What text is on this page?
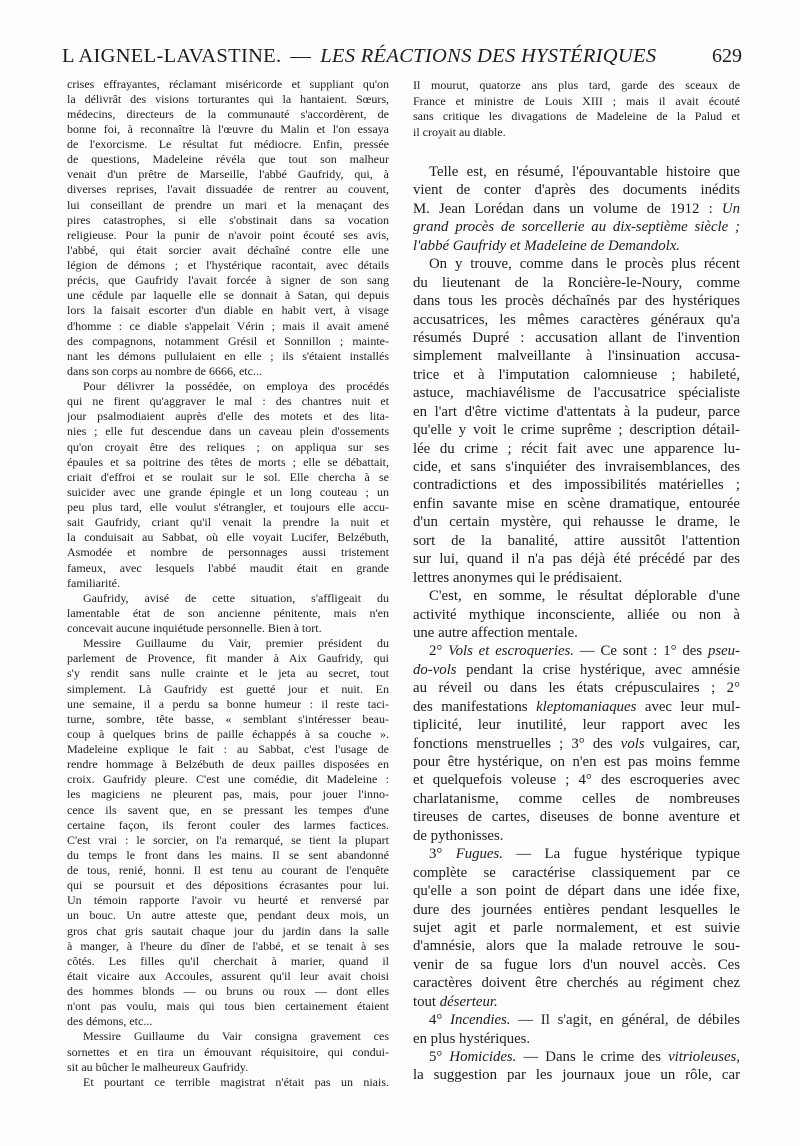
L AIGNEL-LAVASTINE. — LES RÉACTIONS DES HYSTÉRIQUES	629
crises effrayantes, réclamant miséricorde et suppliant qu'on
la délivrât des visions torturantes qui la hantaient. Sœurs,
médecins, directeurs de la communauté s'accordèrent, de
bonne foi, à reconnaître là l'œuvre du Malin et l'on essaya
de l'exorcisme. Le résultat fut médiocre. Enfin, pressée
de questions, Madeleine révéla que tout son malheur
venait d'un prêtre de Marseille, l'abbé Gaufridy, qui, à
diverses reprises, l'avait dissuadée de rentrer au couvent,
lui conseillant de prendre un mari et la menaçant des
pires catastrophes, si elle s'obstinait dans sa vocation
religieuse. Pour la punir de n'avoir point écouté ses avis,
l'abbé, qui était sorcier avait déchaîné contre elle une
légion de démons ; et l'hystérique racontait, avec détails
précis, que Gaufridy l'avait forcée à signer de son sang
une cédule par laquelle elle se donnait à Satan, qui depuis
lors la faisait escorter d'un diable en habit vert, à visage
d'homme : ce diable s'appelait Vérin ; mais il avait amené
des compagnons, notamment Grésil et Sonnillon ; mainte-
nant les démons pullulaient en elle ; ils s'étaient installés
dans son corps au nombre de 6666, etc...
Pour délivrer la possédée, on employa des procédés
qui ne firent qu'aggraver le mal : des chantres nuit et
jour psalmodiaient auprès d'elle des motets et des lita-
nies ; elle fut descendue dans un caveau plein d'ossements
qu'on croyait être des reliques ; on appliqua sur ses
épaules et sa poitrine des têtes de morts ; elle se débattait,
criait d'effroi et se roulait sur le sol. Elle chercha à se
suicider avec une grande épingle et un long couteau ; un
peu plus tard, elle voulut s'étrangler, et toujours elle accu-
sait Gaufridy, criant qu'il venait la prendre la nuit et
la conduisait au Sabbat, où elle voyait Lucifer, Belzébuth,
Asmodée et nombre de personnages aussi tristement
fameux, avec lesquels l'abbé maudit était en grande
familiarité.
Gaufridy, avisé de cette situation, s'affligeait du
lamentable état de son ancienne pénitente, mais n'en
concevait aucune inquiétude personnelle. Bien à tort.
Messire Guillaume du Vair, premier président du
parlement de Provence, fit mander à Aix Gaufridy, qui
s'y rendit sans nulle crainte et le jeta au secret, tout
simplement. Là Gaufridy est guetté jour et nuit. En
une semaine, il a perdu sa bonne humeur : il reste taci-
turne, sombre, tête basse, « semblant s'intéresser beau-
coup à quelques brins de paille échappés à sa couche ».
Madeleine explique le fait : au Sabbat, c'est l'usage de
rendre hommage à Belzébuth de deux pailles disposées en
croix. Gaufridy pleure. C'est une comédie, dit Madeleine :
les magiciens ne pleurent pas, mais, pour jouer l'inno-
cence ils savent que, en se pressant les tempes d'une
certaine façon, ils feront couler des larmes factices.
C'est vrai : le sorcier, on l'a remarqué, se tient la plupart
du temps le front dans les mains. Il se sent abandonné
de tous, renié, honni. Il est tenu au courant de l'enquête
qui se poursuit et des dépositions écrasantes pour lui.
Un témoin rapporte l'avoir vu heurté et renversé par
un bouc. Un autre atteste que, pendant deux mois, un
gros chat gris sautait chaque jour du jardin dans la salle
à manger, à l'heure du dîner de l'abbé, et se tenait à ses
côtés. Les filles qu'il cherchait à marier, quand il
était vicaire aux Accoules, assurent qu'il leur avait choisi
des hommes blonds — ou bruns ou roux — dont elles
n'ont pas voulu, mais qui tous bien certainement étaient
des démons, etc...
Messire Guillaume du Vair consigna gravement ces
sornettes et en tira un émouvant réquisitoire, qui condui-
sit au bûcher le malheureux Gaufridy.
Et pourtant ce terrible magistrat n'était pas un niais.
Il mourut, quatorze ans plus tard, garde des sceaux de
France et ministre de Louis XIII ; mais il avait écouté
sans critique les divagations de Madeleine de la Palud et
il croyait au diable.
Telle est, en résumé, l'épouvantable histoire que
vient de conter d'après des documents inédits
M. Jean Lorédan dans un volume de 1912 : Un
grand procès de sorcellerie au dix-septième siècle ;
l'abbé Gaufridy et Madeleine de Demandolx.
On y trouve, comme dans le procès plus récent
du lieutenant de la Roncière-le-Noury, comme
dans tous les procès déchaînés par des hystériques
accusatrices, les mêmes caractères généraux qu'a
résumés Dupré : accusation allant de l'invention
simplement malveillante à l'insinuation accusa-
trice et à l'imputation calomnieuse ; habileté,
astuce, machiavélisme de l'accusatrice spécialiste
en l'art d'être victime d'attentats à la pudeur, parce
qu'elle y voit le crime suprême ; description détail-
lée du crime ; récit fait avec une apparence lu-
cide, et sans s'inquiéter des invraisemblances, des
contradictions et des impossibilités matérielles ;
enfin savante mise en scène dramatique, entourée
d'un certain mystère, qui rehausse le drame, le
sort de la banalité, attire aussitôt l'attention
sur lui, quand il n'a pas déjà été précédé par des
lettres anonymes qui le prédisaient.
C'est, en somme, le résultat déplorable d'une
activité mythique inconsciente, alliée ou non à
une autre affection mentale.
2° Vols et escroqueries. — Ce sont : 1° des pseu-
do-vols pendant la crise hystérique, avec amnésie
au réveil ou dans les états crépusculaires ; 2°
des manifestations kleptomaniaques avec leur mul-
tiplicité, leur inutilité, leur rapport avec les
fonctions menstruelles ; 3° des vols vulgaires, car,
pour être hystérique, on n'en est pas moins femme
et quelquefois voleuse ; 4° des escroqueries avec
charlatanisme, comme celles de nombreuses
tireuses de cartes, diseuses de bonne aventure et
de pythonisses.
3° Fugues. — La fugue hystérique typique
complète se caractérise classiquement par ce
qu'elle a son point de départ dans une idée fixe,
dure des journées entières pendant lesquelles le
sujet agit et parle normalement, et est suivie
d'amnésie, alors que la malade retrouve le sou-
venir de sa fugue lors d'un nouvel accès. Ces
caractères doivent être cherchés au régiment chez
tout déserteur.
4° Incendies. — Il s'agit, en général, de débiles
en plus hystériques.
5° Homicides. — Dans le crime des vitrioleuses,
la suggestion par les journaux joue un rôle, car
